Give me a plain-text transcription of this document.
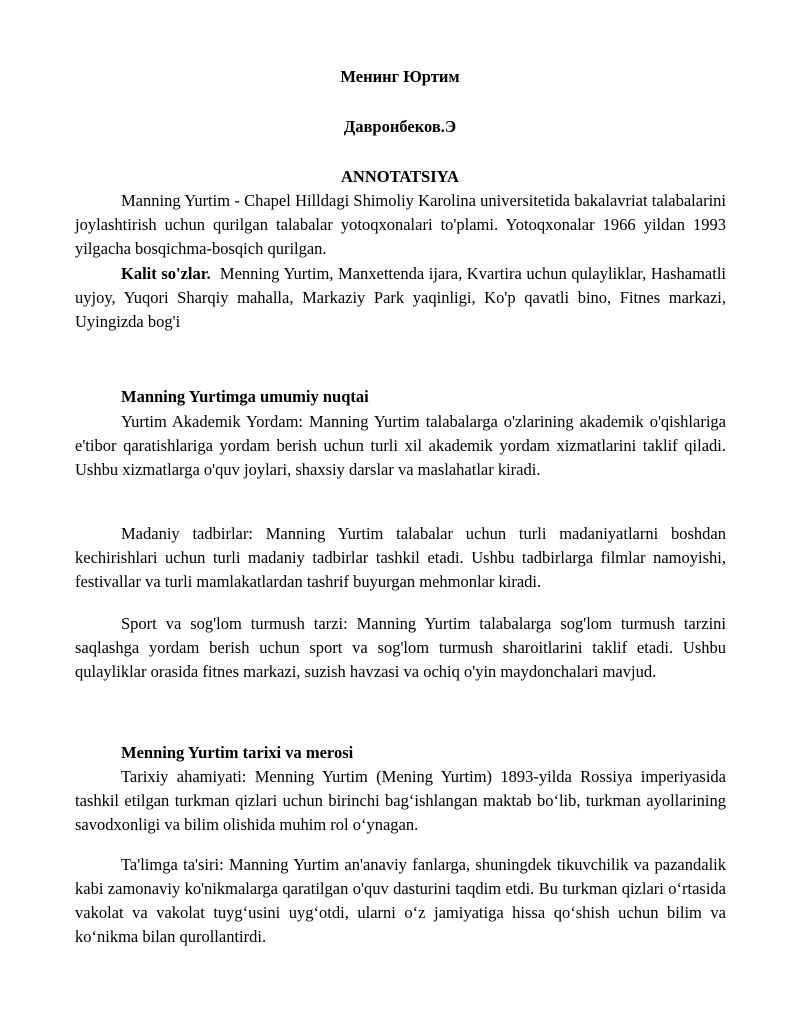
Менинг Юртим

Давронбеков.Э

ANNOTATSIYA

Manning Yurtim - Chapel Hilldagi Shimoliy Karolina universitetida bakalavriat talabalarini joylashtirish uchun qurilgan talabalar yotoqxonalari to'plami. Yotoqxonalar 1966 yildan 1993 yilgacha bosqichma-bosqich qurilgan.

Kalit so'zlar. Menning Yurtim, Manxettenda ijara, Kvartira uchun qulayliklar, Hashamatli uyjoy, Yuqori Sharqiy mahalla, Markaziy Park yaqinligi, Ko'p qavatli bino, Fitnes markazi, Uyingizda bog'i

Manning Yurtimga umumiy nuqtai

Yurtim Akademik Yordam: Manning Yurtim talabalarga o'zlarining akademik o'qishlariga e'tibor qaratishlariga yordam berish uchun turli xil akademik yordam xizmatlarini taklif qiladi. Ushbu xizmatlarga o'quv joylari, shaxsiy darslar va maslahatlar kiradi.

Madaniy tadbirlar: Manning Yurtim talabalar uchun turli madaniyatlarni boshdan kechirishlari uchun turli madaniy tadbirlar tashkil etadi. Ushbu tadbirlarga filmlar namoyishi, festivallar va turli mamlakatlardan tashrif buyurgan mehmonlar kiradi.

Sport va sog'lom turmush tarzi: Manning Yurtim talabalarga sog'lom turmush tarzini saqlashga yordam berish uchun sport va sog'lom turmush sharoitlarini taklif etadi. Ushbu qulayliklar orasida fitnes markazi, suzish havzasi va ochiq o'yin maydonchalari mavjud.

Menning Yurtim tarixi va merosi

Tarixiy ahamiyati: Menning Yurtim (Mening Yurtim) 1893-yilda Rossiya imperiyasida tashkil etilgan turkman qizlari uchun birinchi bag‘ishlangan maktab bo‘lib, turkman ayollarining savodxonligi va bilim olishida muhim rol o‘ynagan.

Ta'limga ta'siri: Manning Yurtim an'anaviy fanlarga, shuningdek tikuvchilik va pazandalik kabi zamonaviy ko'nikmalarga qaratilgan o'quv dasturini taqdim etdi. Bu turkman qizlari o‘rtasida vakolat va vakolat tuyg‘usini uyg‘otdi, ularni o‘z jamiyatiga hissa qo‘shish uchun bilim va ko‘nikma bilan qurollantirdi.
